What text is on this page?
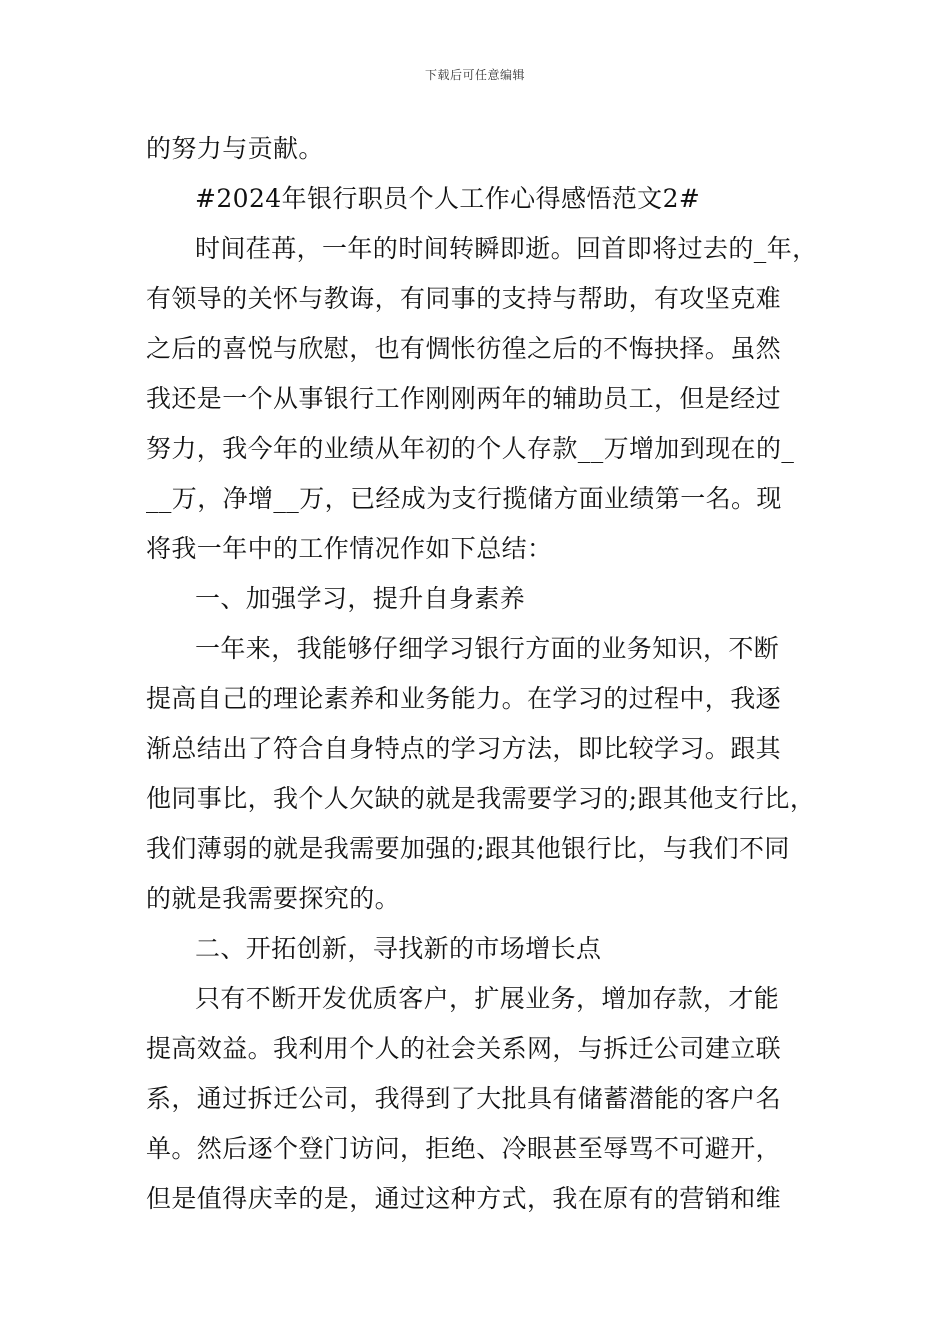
下载后可任意编辑
的努力与贡献。
#2024年银行职员个人工作心得感悟范文2#
时间荏苒，一年的时间转瞬即逝。回首即将过去的_年，
有领导的关怀与教诲，有同事的支持与帮助，有攻坚克难
之后的喜悦与欣慰，也有惆怅彷徨之后的不悔抉择。虽然
我还是一个从事银行工作刚刚两年的辅助员工，但是经过
努力，我今年的业绩从年初的个人存款__万增加到现在的_
__万，净增__万，已经成为支行揽储方面业绩第一名。现
将我一年中的工作情况作如下总结：
一、加强学习，提升自身素养
一年来，我能够仔细学习银行方面的业务知识，不断
提高自己的理论素养和业务能力。在学习的过程中，我逐
渐总结出了符合自身特点的学习方法，即比较学习。跟其
他同事比，我个人欠缺的就是我需要学习的;跟其他支行比，
我们薄弱的就是我需要加强的;跟其他银行比，与我们不同
的就是我需要探究的。
二、开拓创新，寻找新的市场增长点
只有不断开发优质客户，扩展业务，增加存款，才能
提高效益。我利用个人的社会关系网，与拆迁公司建立联
系，通过拆迁公司，我得到了大批具有储蓄潜能的客户名
单。然后逐个登门访问，拒绝、冷眼甚至辱骂不可避开，
但是值得庆幸的是，通过这种方式，我在原有的营销和维
